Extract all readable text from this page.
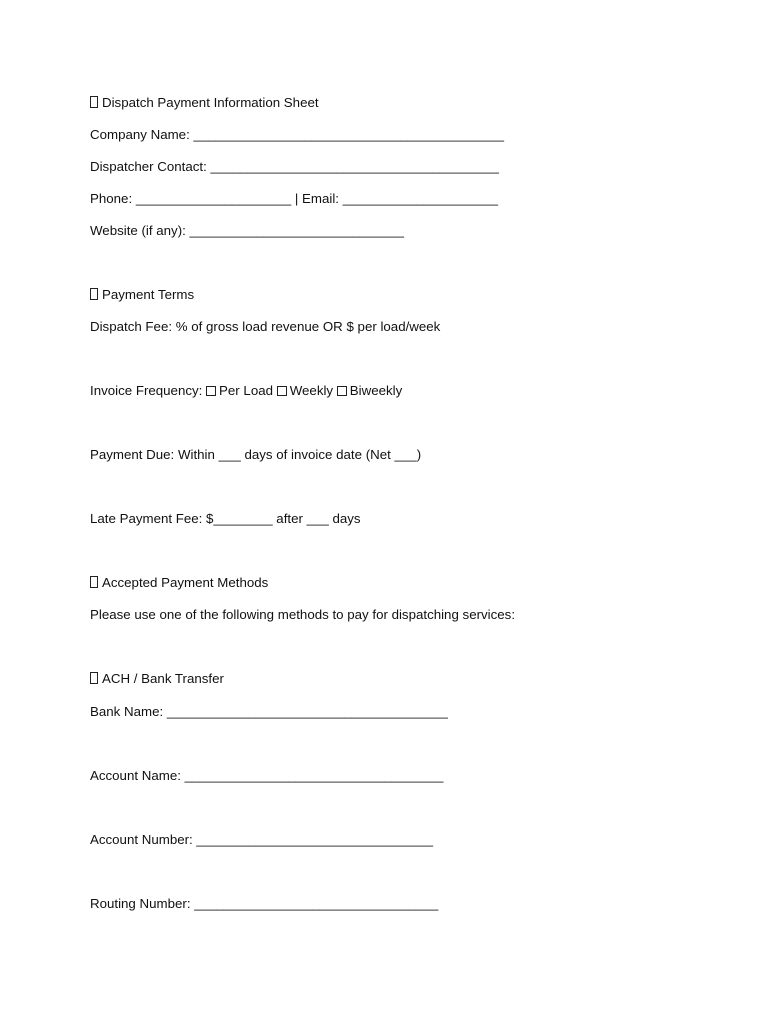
Dispatch Payment Information Sheet
Company Name: __________________________________________
Dispatcher Contact: _______________________________________
Phone: _____________________ | Email: _____________________
Website (if any): _____________________________
Payment Terms
Dispatch Fee: % of gross load revenue OR $ per load/week
Invoice Frequency: Per Load Weekly Biweekly
Payment Due: Within ___ days of invoice date (Net ___)
Late Payment Fee: $________ after ___ days
Accepted Payment Methods
Please use one of the following methods to pay for dispatching services:
ACH / Bank Transfer
Bank Name: ______________________________________
Account Name: ___________________________________
Account Number: ________________________________
Routing Number: _________________________________
